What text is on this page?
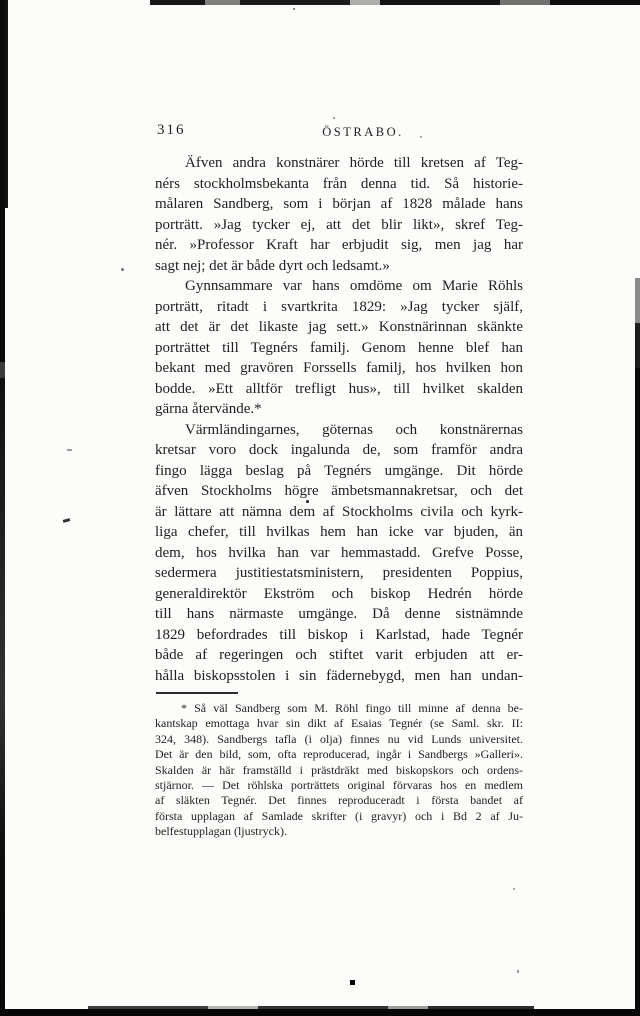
316	ÖSTRABO.
Äfven andra konstnärer hörde till kretsen af Teg-
nérs stockholmsbekanta från denna tid. Så historie-
målaren Sandberg, som i början af 1828 målade hans
porträtt. »Jag tycker ej, att det blir likt», skref Teg-
nér. »Professor Kraft har erbjudit sig, men jag har
sagt nej; det är både dyrt och ledsamt.»
Gynnsammare var hans omdöme om Marie Röhls
porträtt, ritadt i svartkrita 1829: »Jag tycker själf,
att det är det likaste jag sett.» Konstnärinnan skänkte
porträttet till Tegnérs familj. Genom henne blef han
bekant med gravören Forssells familj, hos hvilken hon
bodde. »Ett alltför trefligt hus», till hvilket skalden
gärna återvände.*
Värmländingarnes, göternas och konstnärernas
kretsar voro dock ingalunda de, som framför andra
fingo lägga beslag på Tegnérs umgänge. Dit hörde
äfven Stockholms högre ämbetsmannakretsar, och det
är lättare att nämna dem af Stockholms civila och kyrk-
liga chefer, till hvilkas hem han icke var bjuden, än
dem, hos hvilka han var hemmastadd. Grefve Posse,
sedermera justitiestatsministern, presidenten Poppius,
generaldirektör Ekström och biskop Hedrén hörde
till hans närmaste umgänge. Då denne sistnämnde
1829 befordrades till biskop i Karlstad, hade Tegnér
både af regeringen och stiftet varit erbjuden att er-
hålla biskopsstolen i sin fädernebygd, men han undan-
* Så väl Sandberg som M. Röhl fingo till minne af denna be-
kantskap emottaga hvar sin dikt af Esaias Tegnér (se Saml. skr. II:
324, 348). Sandbergs tafla (i olja) finnes nu vid Lunds universitet.
Det är den bild, som, ofta reproducerad, ingår i Sandbergs »Galleri».
Skalden är här framställd i prästdräkt med biskopskors och ordens-
stjärnor. — Det röhlska porträttets original förvaras hos en medlem
af släkten Tegnér. Det finnes reproduceradt i första bandet af
första upplagan af Samlade skrifter (i gravyr) och i Bd 2 af Ju-
belfestupplagan (ljustryck).
